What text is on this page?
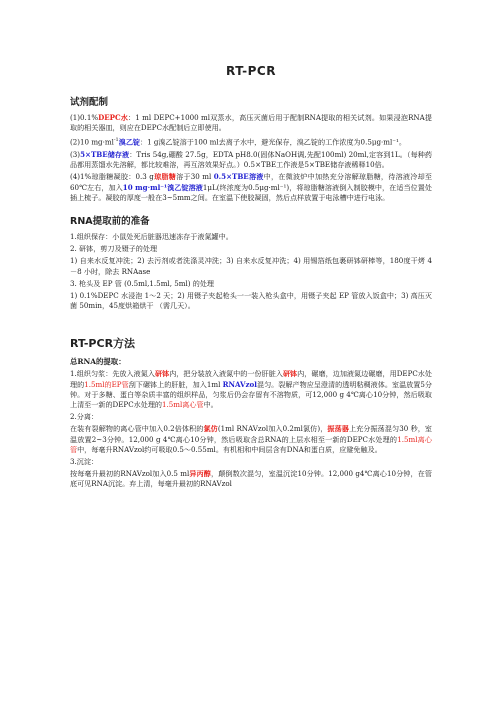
RT-PCR
试剂配制

(1)0.1%DEPC水：1 ml DEPC+1000 ml双蒸水，高压灭菌后用于配制RNA提取的相关试剂。如果浸泡RNA提取的相关器皿，则应在DEPC水配制后立即使用。

(2)10 $mg\cdot ml^{-1}$溴乙锭：1 g溴乙锭溶于100 ml去离子水中，避光保存，溴乙锭的工作浓度为0.5μg·ml⁻¹。

(3)5×TBE储存液：Tris 54g,硼酸 27.5g，EDTA pH8.0(固体NaOH调,先配100ml) 20ml,定容到1L。（每种药品都用蒸馏水先溶解，都比较难溶，再互溶效果好点。）0.5×TBE工作液是5×TBE储存液稀释10倍。

(4)1%琼脂糖凝胶：0.3 g琼脂糖溶于30 ml 0.5×TBE溶液中，在微波炉中加热充分溶解琼脂糖，待溶液冷却至60℃左右，加入10 mg·ml⁻¹溴乙锭溶液1μL(终浓度为0.5μg·ml⁻¹)，将琼脂糖溶液倒入制胶模中，在适当位置处插上梳子。凝胶的厚度一般在3~5mm之间。在室温下使胶凝固，然后点样放置于电泳槽中进行电泳。

RNA提取前的准备

1.组织保存：小鼠处死后脏器迅速冻存于液氮罐中。

2. 研钵，剪刀及镊子的处理

1) 自来水反复冲洗；2) 去污剂或者洗涤灵冲洗；3) 自来水反复冲洗；4) 用锡箔纸包裹研钵研棒等，180度干烤 4－8 小时，除去 RNAase

3. 枪头及 EP 管 (0.5ml,1.5ml, 5ml) 的处理

1) 0.1%DEPC 水浸泡 1～2 天；2) 用镊子夹起枪头一一装入枪头盒中，用镊子夹起 EP 管放入饭盒中；3) 高压灭菌 50min，45度烘箱烘干 （需几天）。

RT-PCR方法
总RNA的提取：

1.组织匀浆：先放入液氮入研钵内，把分装放入液氮中的一份肝脏入研钵内，碾磨，边加液氮边碾磨，用DEPC水处理的1.5ml的EP管刮下碾钵上的肝脏，加入1ml RNAVzol混匀。裂解产物应呈澄清的透明粘稠液体。室温放置5分钟。对于多糖、蛋白等杂质丰富的组织样品，匀浆后仍会存留有不溶物质，可12,000 g 4℃离心10分钟，然后吸取上清至一新的DEPC水处理的1.5ml离心管中。

2.分离：

在装有裂解物的离心管中加入0.2倍体积的氯仿(1ml RNAVzol加入0.2ml氯仿)，振荡器上充分振荡混匀30 秒，室温放置2~3分钟。12,000 g 4℃离心10分钟，然后吸取含总RNA的上层水相至一新的DEPC水处理的1.5ml离心管中，每毫升RNAVzol约可吸取0.5～0.55ml。有机相和中间层含有DNA和蛋白质，应避免触及。

3.沉淀：

按每毫升最初的RNAVzol加入0.5 ml异丙醇，颠倒数次混匀，室温沉淀10分钟。12,000 g4℃离心10分钟，在管底可见RNA沉淀。弃上清，每毫升最初的RNAVzol
